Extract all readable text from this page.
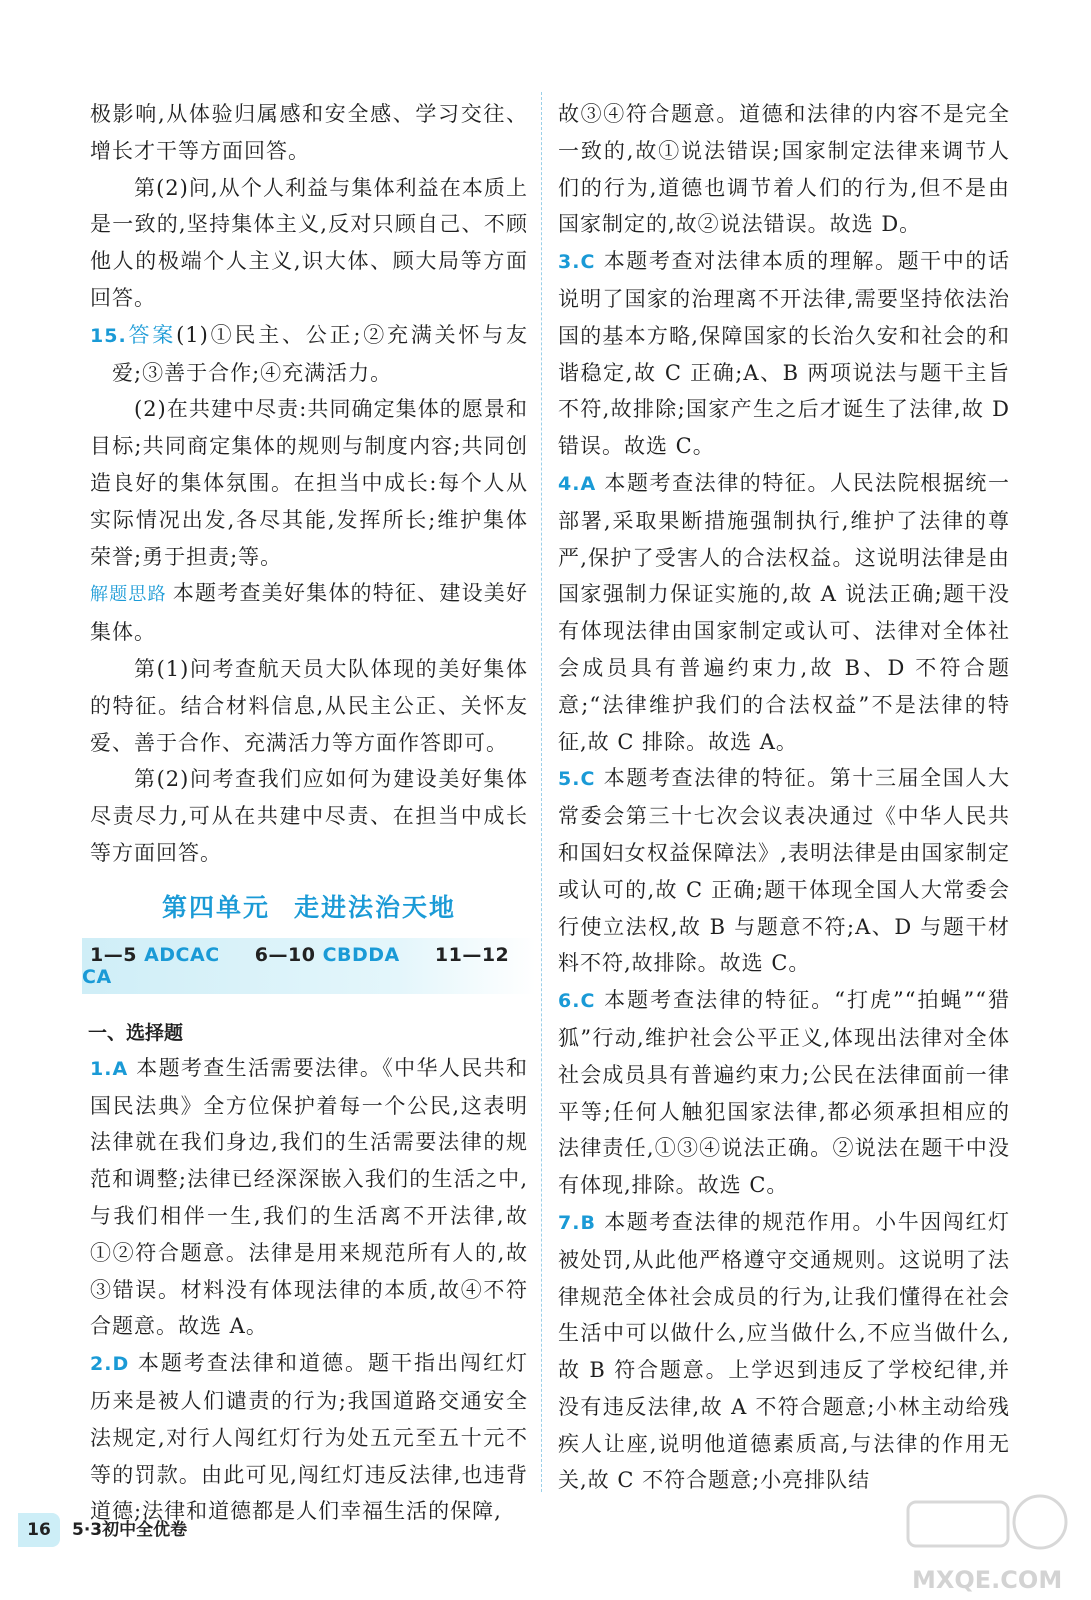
极影响,从体验归属感和安全感、学习交往、增长才干等方面回答。

第(2)问,从个人利益与集体利益在本质上是一致的,坚持集体主义,反对只顾自己、不顾他人的极端个人主义,识大体、顾大局等方面回答。

15.答案(1)①民主、公正;②充满关怀与友爱;③善于合作;④充满活力。

(2)在共建中尽责:共同确定集体的愿景和目标;共同商定集体的规则与制度内容;共同创造良好的集体氛围。在担当中成长:每个人从实际情况出发,各尽其能,发挥所长;维护集体荣誉;勇于担责;等。

解题思路 本题考查美好集体的特征、建设美好集体。

第(1)问考查航天员大队体现的美好集体的特征。结合材料信息,从民主公正、关怀友爱、善于合作、充满活力等方面作答即可。

第(2)问考查我们应如何为建设美好集体尽责尽力,可从在共建中尽责、在担当中成长等方面回答。

第四单元 走进法治天地
1—5 ADCAC 6—10 CBDDA 11—12 CA
一、选择题

1.A 本题考查生活需要法律。《中华人民共和国民法典》全方位保护着每一个公民,这表明法律就在我们身边,我们的生活需要法律的规范和调整;法律已经深深嵌入我们的生活之中,与我们相伴一生,我们的生活离不开法律,故①②符合题意。法律是用来规范所有人的,故③错误。材料没有体现法律的本质,故④不符合题意。故选 A。

2.D 本题考查法律和道德。题干指出闯红灯历来是被人们谴责的行为;我国道路交通安全法规定,对行人闯红灯行为处五元至五十元不等的罚款。由此可见,闯红灯违反法律,也违背道德;法律和道德都是人们幸福生活的保障,

故③④符合题意。道德和法律的内容不是完全一致的,故①说法错误;国家制定法律来调节人们的行为,道德也调节着人们的行为,但不是由国家制定的,故②说法错误。故选 D。

3.C 本题考查对法律本质的理解。题干中的话说明了国家的治理离不开法律,需要坚持依法治国的基本方略,保障国家的长治久安和社会的和谐稳定,故 C 正确;A、B 两项说法与题干主旨不符,故排除;国家产生之后才诞生了法律,故 D 错误。故选 C。

4.A 本题考查法律的特征。人民法院根据统一部署,采取果断措施强制执行,维护了法律的尊严,保护了受害人的合法权益。这说明法律是由国家强制力保证实施的,故 A 说法正确;题干没有体现法律由国家制定或认可、法律对全体社会成员具有普遍约束力,故 B、D 不符合题意;“法律维护我们的合法权益”不是法律的特征,故 C 排除。故选 A。

5.C 本题考查法律的特征。第十三届全国人大常委会第三十七次会议表决通过《中华人民共和国妇女权益保障法》,表明法律是由国家制定或认可的,故 C 正确;题干体现全国人大常委会行使立法权,故 B 与题意不符;A、D 与题干材料不符,故排除。故选 C。

6.C 本题考查法律的特征。“打虎”“拍蝇”“猎狐”行动,维护社会公平正义,体现出法律对全体社会成员具有普遍约束力;公民在法律面前一律平等;任何人触犯国家法律,都必须承担相应的法律责任,①③④说法正确。②说法在题干中没有体现,排除。故选 C。

7.B 本题考查法律的规范作用。小牛因闯红灯被处罚,从此他严格遵守交通规则。这说明了法律规范全体社会成员的行为,让我们懂得在社会生活中可以做什么,应当做什么,不应当做什么,故 B 符合题意。上学迟到违反了学校纪律,并没有违反法律,故 A 不符合题意;小林主动给残疾人让座,说明他道德素质高,与法律的作用无关,故 C 不符合题意;小亮排队结

16	5·3初中全优卷
MXQE.COM
